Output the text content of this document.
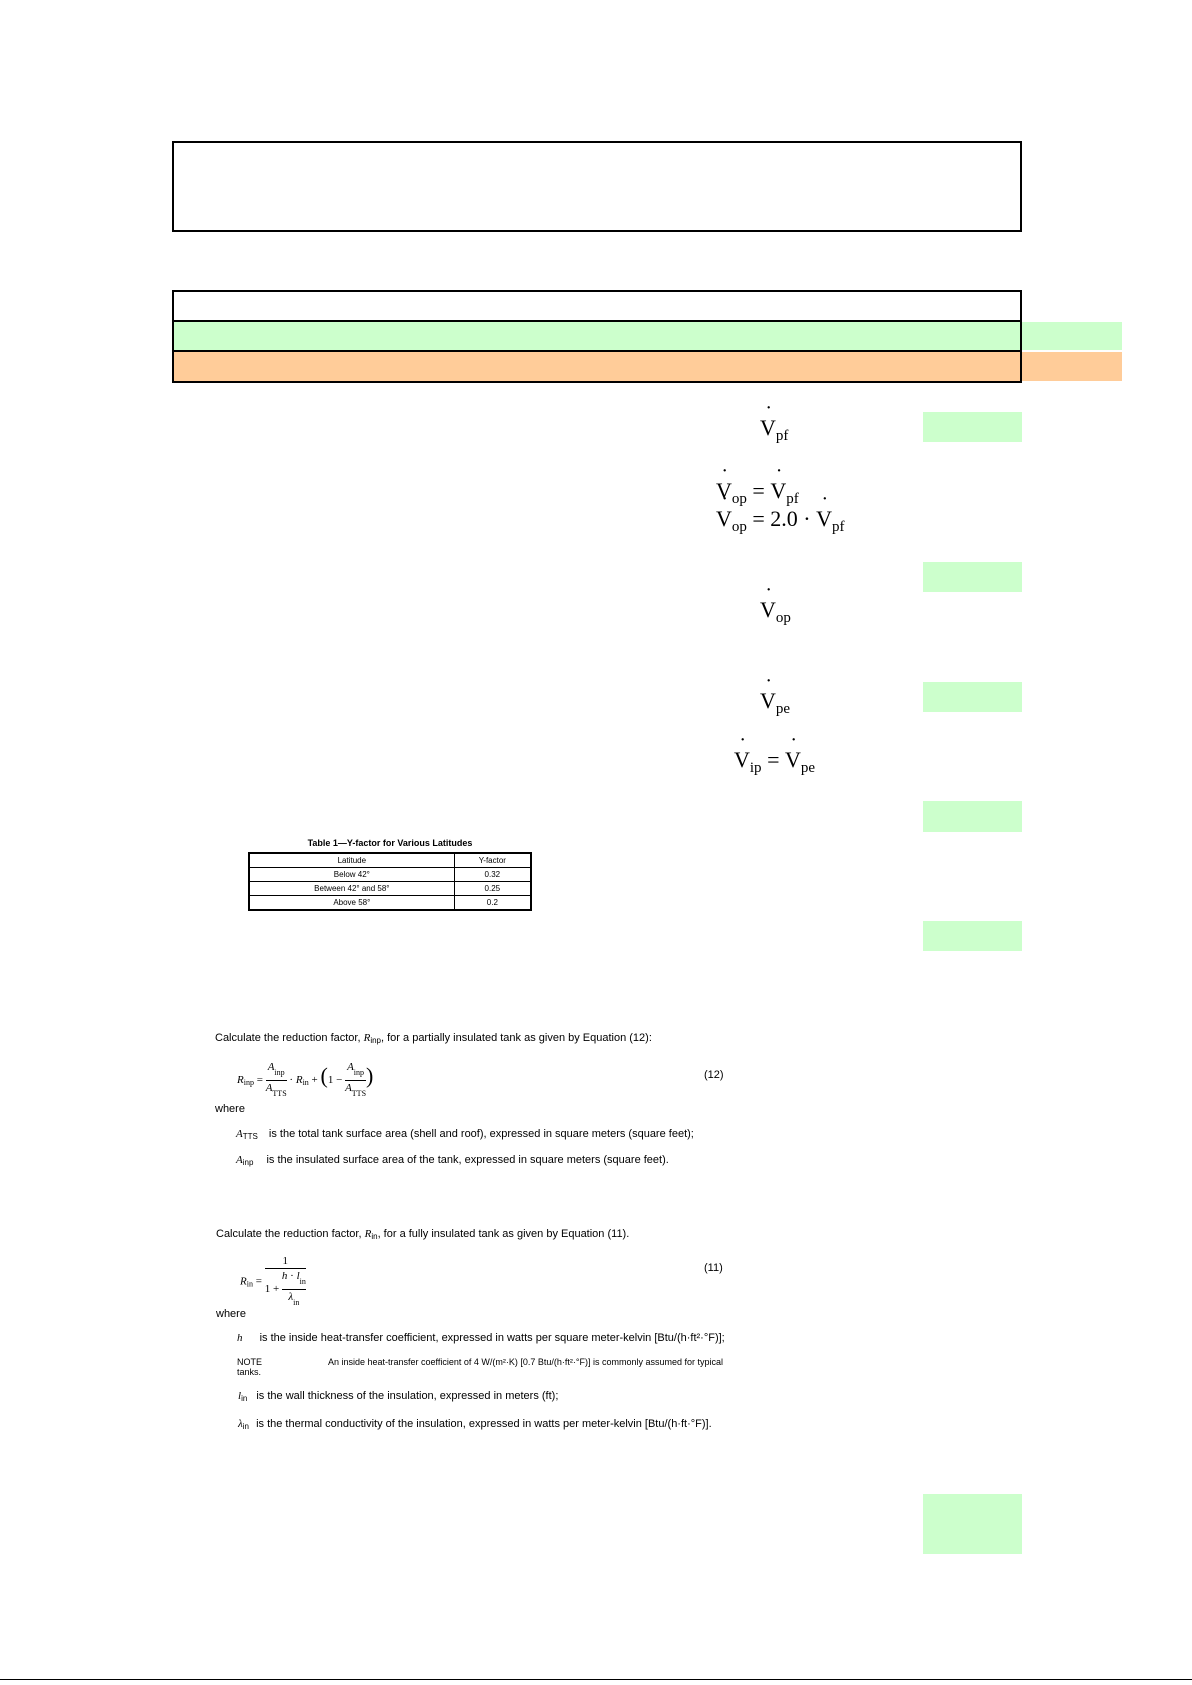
˙ $V_{pf}$
˙ $V_{op}$ = ˙ $V_{pf}$
˙ $V_{op} = 2.0$ · ˙ $V_{pf}$
˙ $V_{op}$
˙ $V_{pe}$
˙ $V_{ip}$ = ˙ $V_{pe}$
Table 1—Y-factor for Various Latitudes
Latitude	Y-factor
Below 42°	0.32
Between 42° and 58°	0.25
Above 58°	0.2
Calculate the reduction factor, $R_{inp}$, for a partially insulated tank as given by Equation (12):
$R_{inp} = \frac{A_{inp}}{A_{TTS}} \cdot R_{in} + (1 - \frac{A_{inp}}{A_{TTS}}$ )	(12)
where
$A_{TTS}$ is the total tank surface area (shell and roof), expressed in square meters (square feet);
$A_{inp}$ is the insulated surface area of the tank, expressed in square meters (square feet).
Calculate the reduction factor, $R_{in}$, for a fully insulated tank as given by Equation (11).
$R_{in} = \frac{1}{1 + \frac{h \cdot l_{in}}{\lambda_{in}}}$	(11)
where
h is the inside heat-transfer coefficient, expressed in watts per square meter-kelvin [Btu/(h·ft²·°F)];
NOTE	An inside heat-transfer coefficient of 4 W/(m²·K) [0.7 Btu/(h·ft²·°F)] is commonly assumed for typical
tanks.
$l_{in}$ is the wall thickness of the insulation, expressed in meters (ft);
$\lambda_{in}$ is the thermal conductivity of the insulation, expressed in watts per meter-kelvin [Btu/(h·ft·°F)].
